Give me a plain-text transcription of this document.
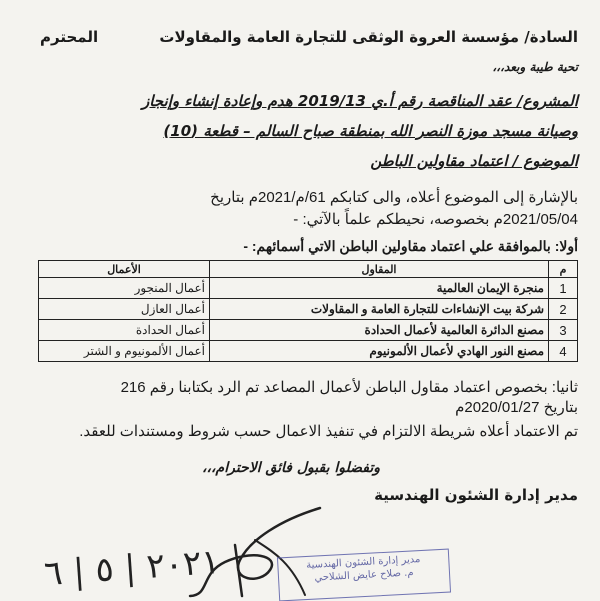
السادة/ مؤسسة العروة الوثقى للتجارة العامة والمقاولات
المحترم
تحية طيبة وبعد،،،
المشروع/ عقد المناقصة رقم أ.ي 2019/13 هدم وإعادة إنشاء وإنجاز
وصيانة مسجد موزة النصر الله بمنطقة صباح السالم – قطعة (10)
الموضوع / اعتماد مقاولين الباطن
بالإشارة إلى الموضوع أعلاه، والى كتابكم 61/م/2021م بتاريخ
2021/05/04م بخصوصه، نحيطكم علماً بالآتي: -
أولا: بالموافقة علي اعتماد مقاولين الباطن الاتي أسمائهم: -
م	المقاول	الأعمال
1	منجرة الإيمان العالمية	أعمال المنجور
2	شركة بيت الإنشاءات للتجارة العامة و المقاولات	أعمال العازل
3	مصنع الدائرة العالمية لأعمال الحدادة	أعمال الحدادة
4	مصنع النور الهادي لأعمال الألمونيوم	أعمال الألمونيوم و الشتر
ثانيا: بخصوص اعتماد مقاول الباطن لأعمال المصاعد تم الرد بكتابنا رقم 216
بتاريخ 2020/01/27م
تم الاعتماد أعلاه شريطة الالتزام في تنفيذ الاعمال حسب شروط ومستندات للعقد.
وتفضلوا بقبول فائق الاحترام،،،
مدير إدارة الشئون الهندسية
مدير إدارة الشئون الهندسية
م. صلاح عايض الشلاحي
٢٠٢١ | ٥ | ٦
